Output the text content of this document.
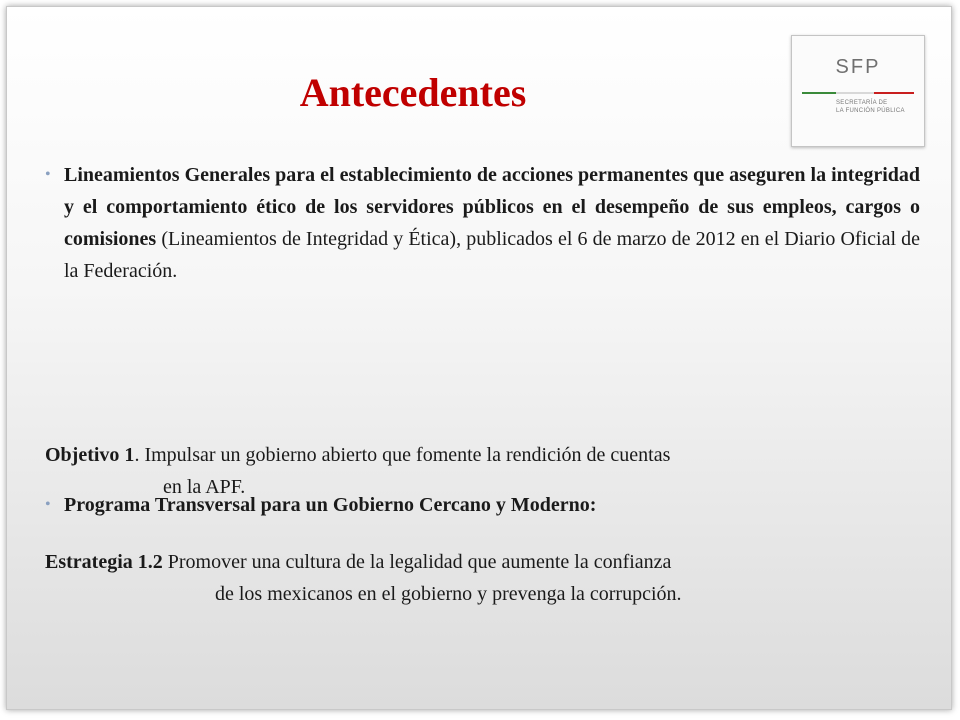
Antecedentes
SFP
SECRETARÍA DE
LA FUNCIÓN PÚBLICA
• Lineamientos Generales para el establecimiento de acciones permanentes que aseguren la integridad y el comportamiento ético de los servidores públicos en el desempeño de sus empleos, cargos o comisiones (Lineamientos de Integridad y Ética), publicados el 6 de marzo de 2012 en el Diario Oficial de la Federación.
• Programa Transversal para un Gobierno Cercano y Moderno:
Objetivo 1. Impulsar un gobierno abierto que fomente la rendición de cuentas
en la APF.
Estrategia 1.2 Promover una cultura de la legalidad que aumente la confianza
de los mexicanos en el gobierno y prevenga la corrupción.
